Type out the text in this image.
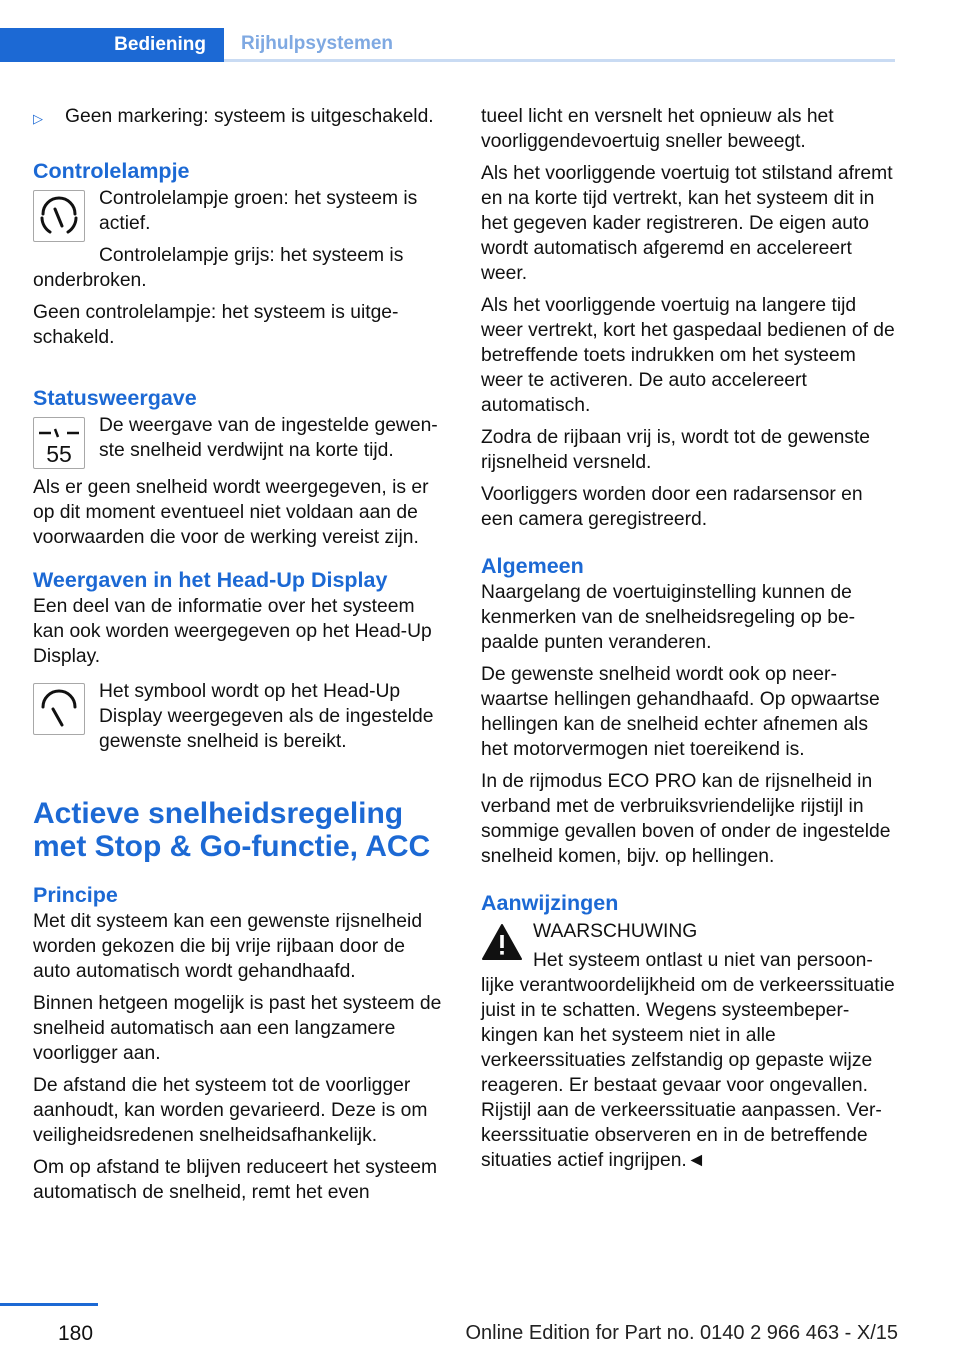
Bediening	Rijhulpsystemen
▷	Geen markering: systeem is uitgeschakeld.
Controlelampje

Controlelampje groen: het systeem is actief.

Controlelampje grijs: het systeem is onderbroken.

Geen controlelampje: het systeem is uitgeschakeld.

Statusweergave
55

De weergave van de ingestelde gewenste snelheid verdwijnt na korte tijd.

Als er geen snelheid wordt weergegeven, is er op dit moment eventueel niet voldaan aan de voorwaarden die voor de werking vereist zijn.

Weergaven in het Head-Up Display

Een deel van de informatie over het systeem kan ook worden weergegeven op het Head-Up Display.

Het symbool wordt op het Head-Up Display weergegeven als de ingestelde gewenste snelheid is bereikt.

Actieve snelheidsregeling met Stop & Go-functie, ACC
Principe

Met dit systeem kan een gewenste rijsnelheid worden gekozen die bij vrije rijbaan door de auto automatisch wordt gehandhaafd.

Binnen hetgeen mogelijk is past het systeem de snelheid automatisch aan een langzamere voorligger aan.

De afstand die het systeem tot de voorligger aanhoudt, kan worden gevarieerd. Deze is om veiligheidsredenen snelheidsafhankelijk.

Om op afstand te blijven reduceert het systeem automatisch de snelheid, remt het even

tueel licht en versnelt het opnieuw als het voorliggendevoertuig sneller beweegt.

Als het voorliggende voertuig tot stilstand afremt en na korte tijd vertrekt, kan het systeem dit in het gegeven kader registreren. De eigen auto wordt automatisch afgeremd en accelereert weer.

Als het voorliggende voertuig na langere tijd weer vertrekt, kort het gaspedaal bedienen of de betreffende toets indrukken om het systeem weer te activeren. De auto accelereert automatisch.

Zodra de rijbaan vrij is, wordt tot de gewenste rijsnelheid versneld.

Voorliggers worden door een radarsensor en een camera geregistreerd.

Algemeen

Naargelang de voertuiginstelling kunnen de kenmerken van de snelheidsregeling op bepaalde punten veranderen.

De gewenste snelheid wordt ook op neerwaartse hellingen gehandhaafd. Op opwaartse hellingen kan de snelheid echter afnemen als het motorvermogen niet toereikend is.

In de rijmodus ECO PRO kan de rijsnelheid in verband met de verbruiksvriendelijke rijstijl in sommige gevallen boven of onder de ingestelde snelheid komen, bijv. op hellingen.

Aanwijzingen

WAARSCHUWING

Het systeem ontlast u niet van persoonlijke verantwoordelijkheid om de verkeerssituatie juist in te schatten. Wegens systeembeperkingen kan het systeem niet in alle verkeerssituaties zelfstandig op gepaste wijze reageren. Er bestaat gevaar voor ongevallen. Rijstijl aan de verkeerssituatie aanpassen. Verkeerssituatie observeren en in de betreffende situaties actief ingrijpen.◄

180	Online Edition for Part no. 0140 2 966 463 - X/15
